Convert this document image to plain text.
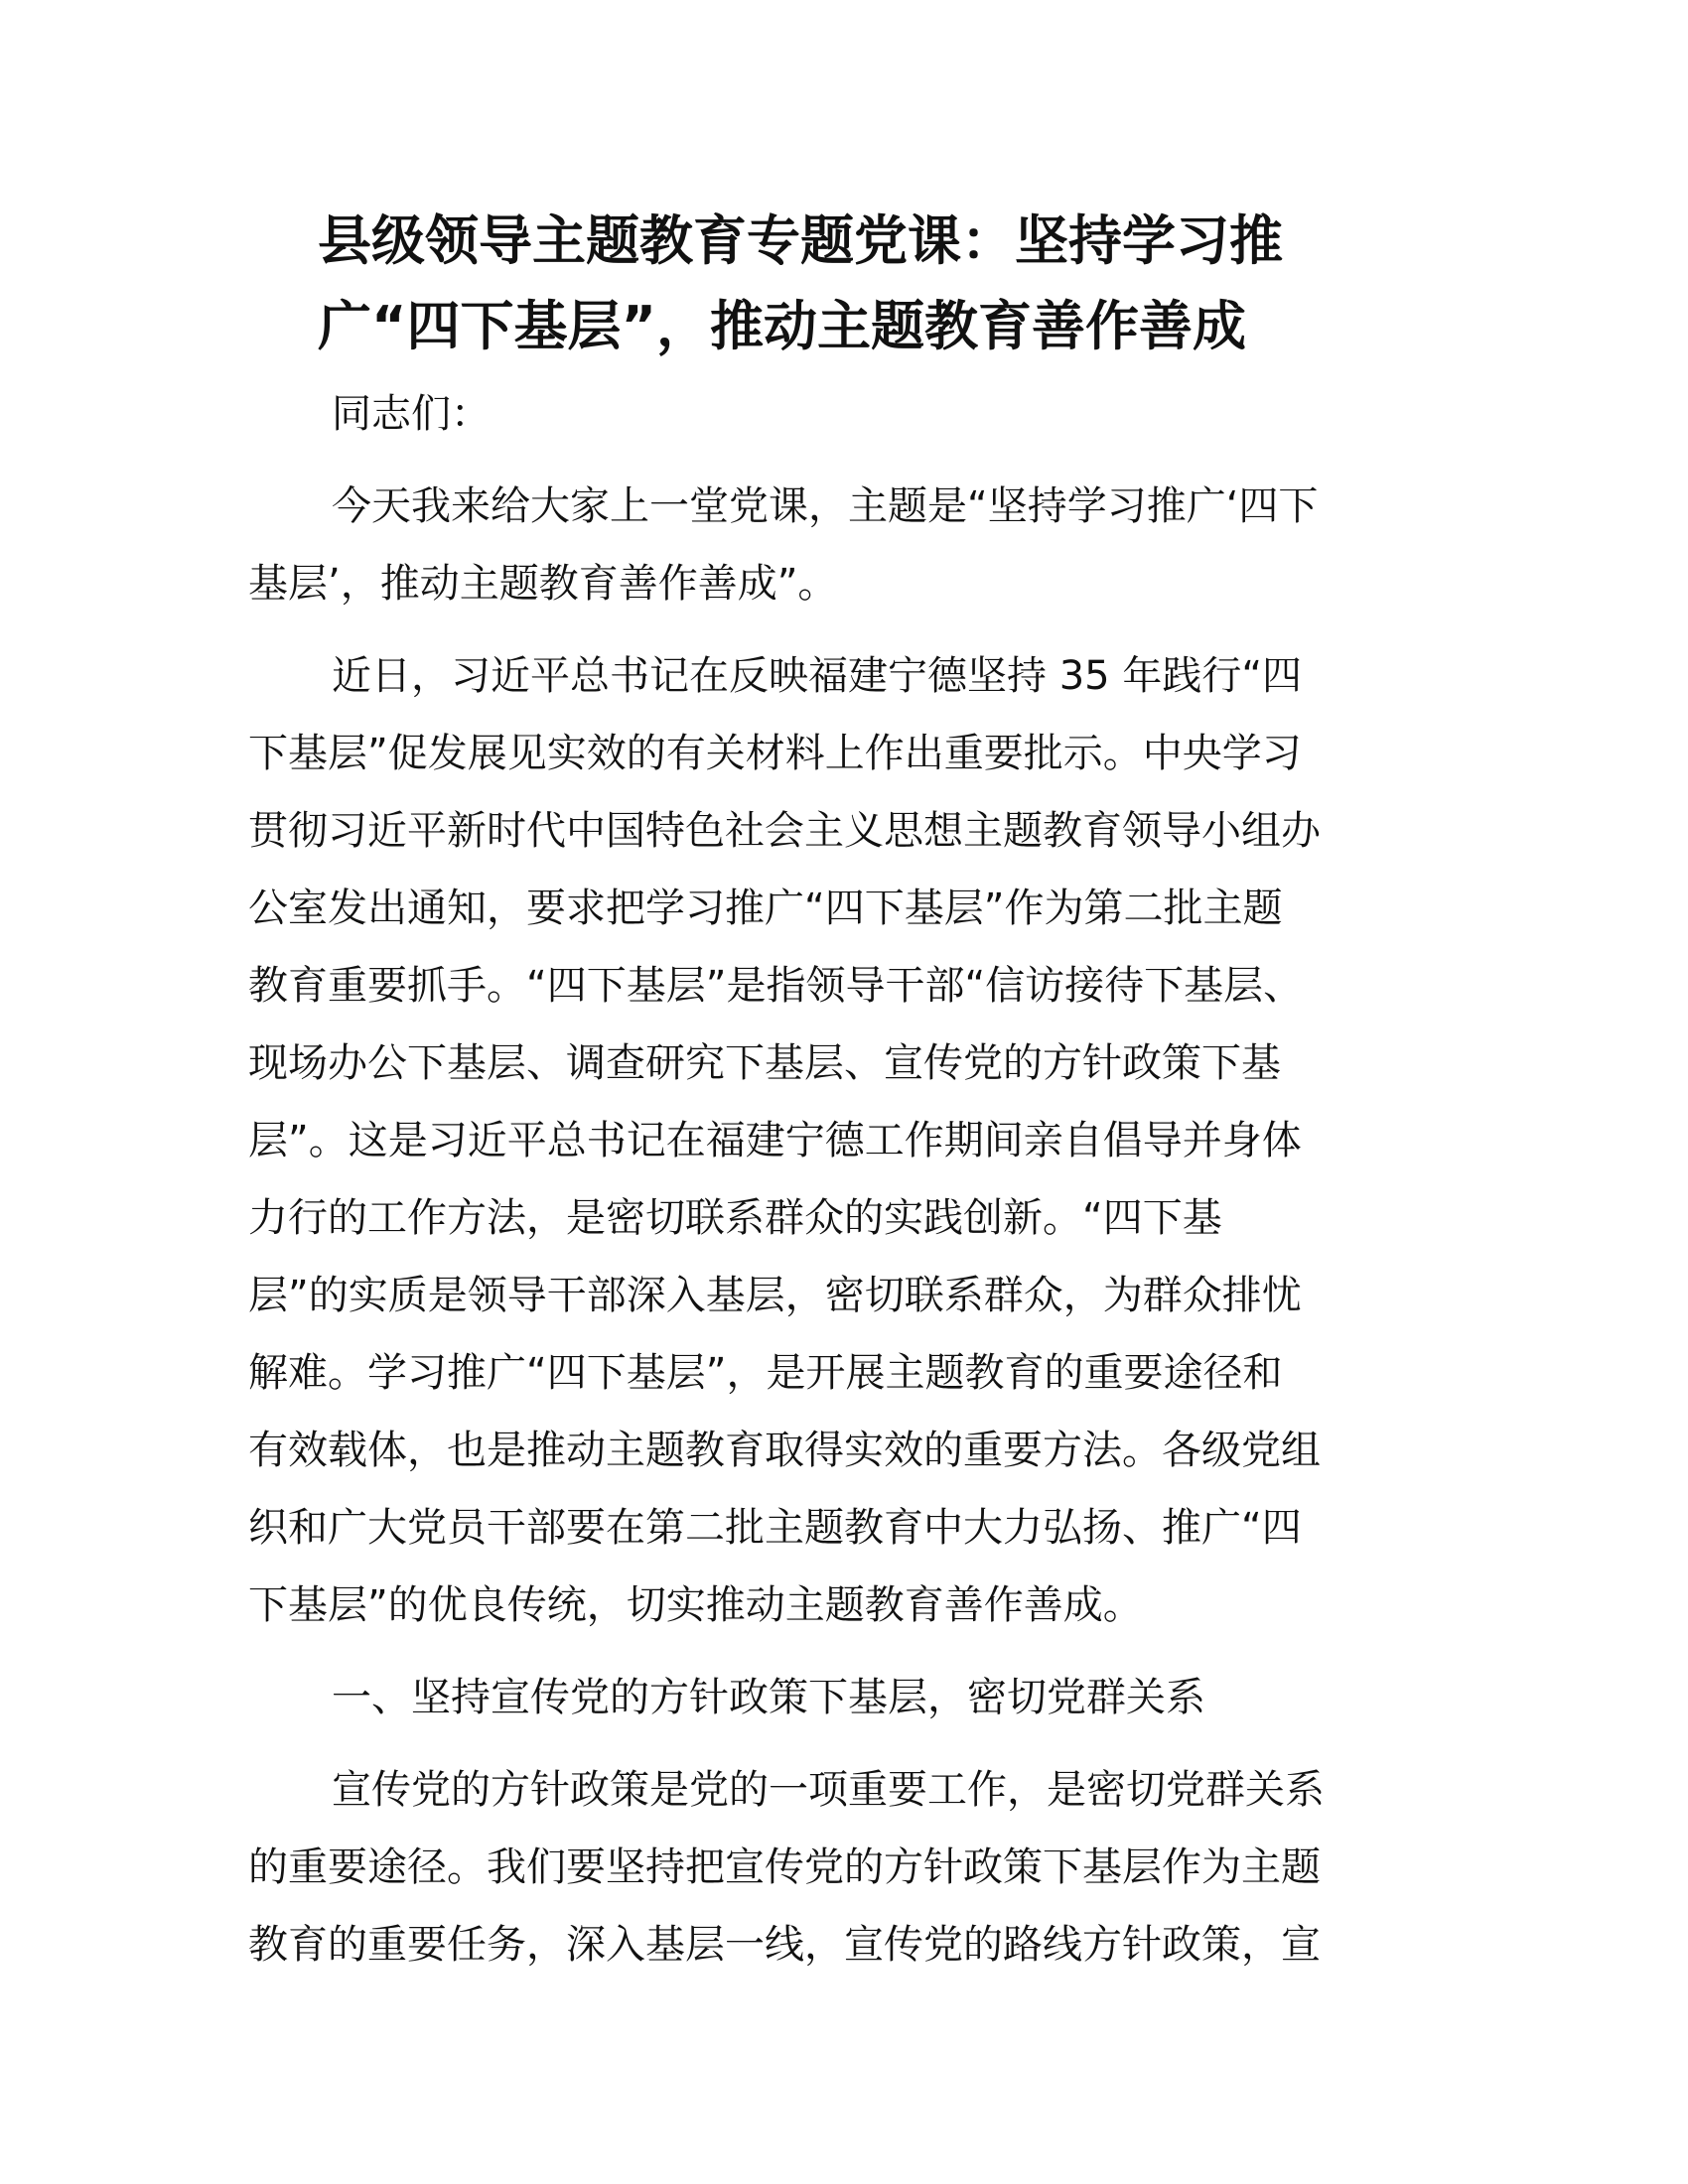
县级领导主题教育专题党课：坚持学习推
广“四下基层”，推动主题教育善作善成

同志们：

今天我来给大家上一堂党课，主题是“坚持学习推广‘四下
基层’，推动主题教育善作善成”。

近日，习近平总书记在反映福建宁德坚持 35 年践行“四
下基层”促发展见实效的有关材料上作出重要批示。中央学习
贯彻习近平新时代中国特色社会主义思想主题教育领导小组办
公室发出通知，要求把学习推广“四下基层”作为第二批主题
教育重要抓手。“四下基层”是指领导干部“信访接待下基层、
现场办公下基层、调查研究下基层、宣传党的方针政策下基
层”。这是习近平总书记在福建宁德工作期间亲自倡导并身体
力行的工作方法，是密切联系群众的实践创新。“四下基
层”的实质是领导干部深入基层，密切联系群众，为群众排忧
解难。学习推广“四下基层”，是开展主题教育的重要途径和
有效载体，也是推动主题教育取得实效的重要方法。各级党组
织和广大党员干部要在第二批主题教育中大力弘扬、推广“四
下基层”的优良传统，切实推动主题教育善作善成。

一、坚持宣传党的方针政策下基层，密切党群关系

宣传党的方针政策是党的一项重要工作，是密切党群关系
的重要途径。我们要坚持把宣传党的方针政策下基层作为主题
教育的重要任务，深入基层一线，宣传党的路线方针政策，宣
